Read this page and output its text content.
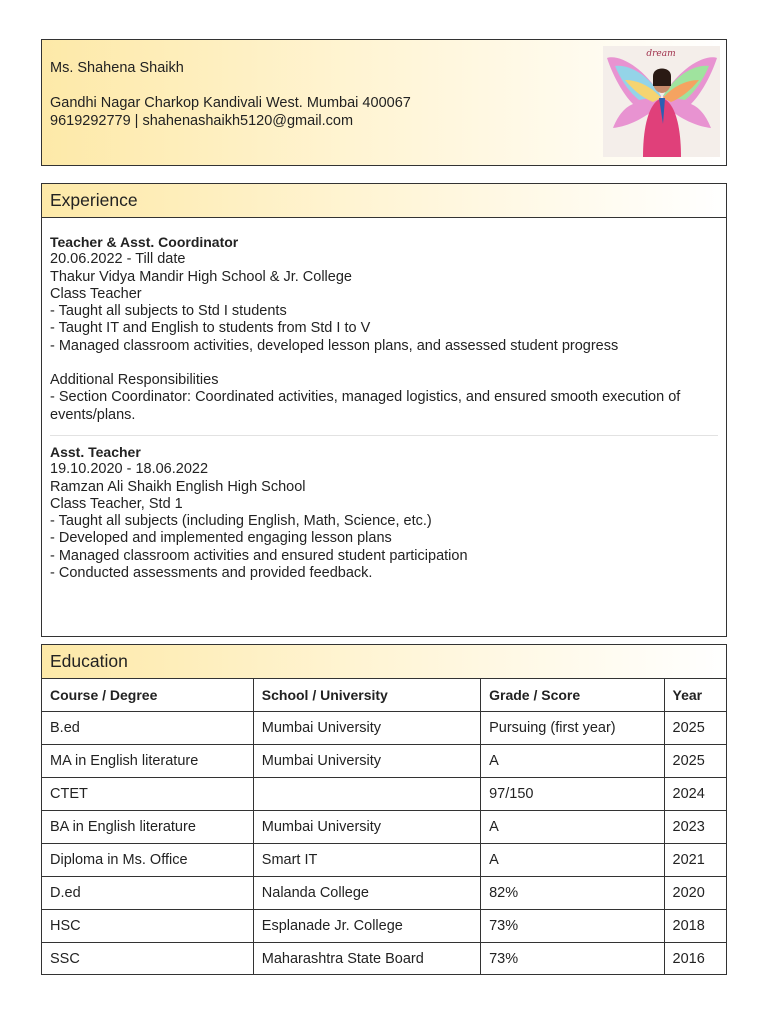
Ms. Shahena Shaikh
Gandhi Nagar Charkop Kandivali West. Mumbai 400067
9619292779 | shahenashaikh5120@gmail.com
dream
Experience
Teacher & Asst. Coordinator
20.06.2022 - Till date
Thakur Vidya Mandir High School & Jr. College
Class Teacher
- Taught all subjects to Std I students
- Taught IT and English to students from Std I to V
- Managed classroom activities, developed lesson plans, and assessed student progress
Additional Responsibilities
- Section Coordinator: Coordinated activities, managed logistics, and ensured smooth execution of events/plans.
Asst. Teacher
19.10.2020 - 18.06.2022
Ramzan Ali Shaikh English High School
Class Teacher, Std 1
- Taught all subjects (including English, Math, Science, etc.)
- Developed and implemented engaging lesson plans
- Managed classroom activities and ensured student participation
- Conducted assessments and provided feedback.
Education
Course / Degree	School / University	Grade / Score	Year
B.ed	Mumbai University	Pursuing (first year)	2025
MA in English literature	Mumbai University	A	2025
CTET		97/150	2024
BA in English literature	Mumbai University	A	2023
Diploma in Ms. Office	Smart IT	A	2021
D.ed	Nalanda College	82%	2020
HSC	Esplanade Jr. College	73%	2018
SSC	Maharashtra State Board	73%	2016
